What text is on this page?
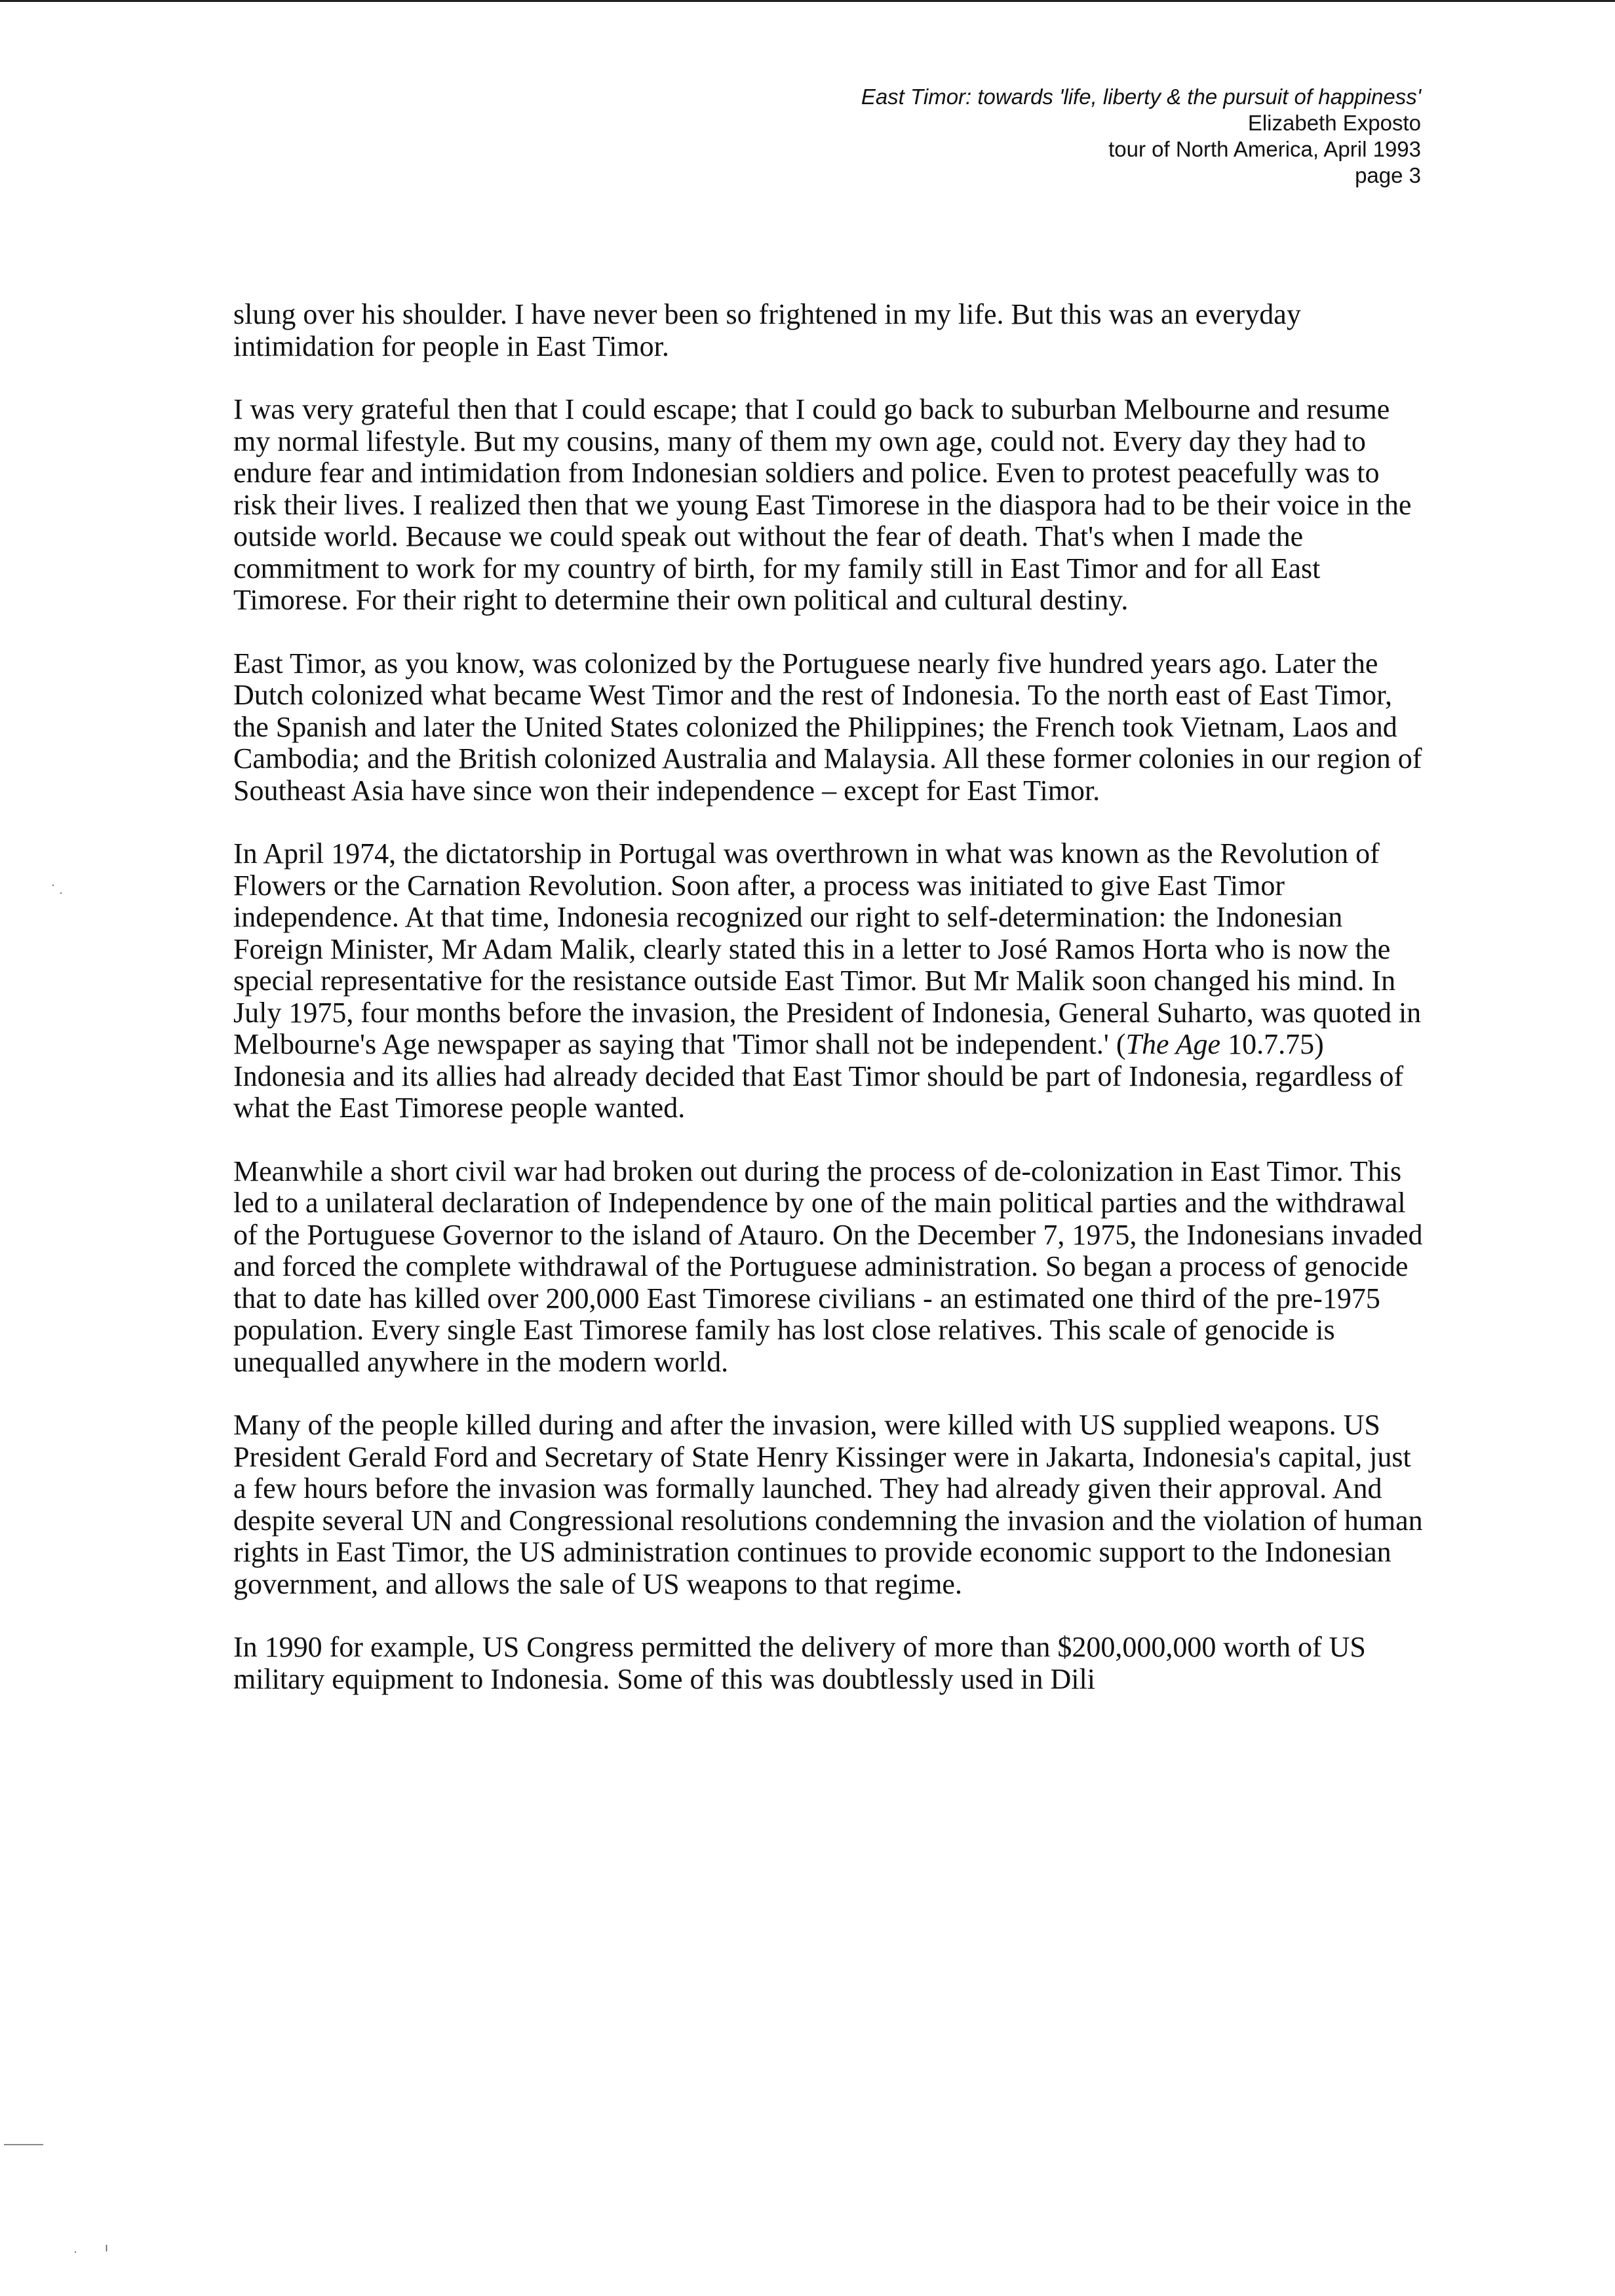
East Timor: towards 'life, liberty & the pursuit of happiness'
Elizabeth Exposto
tour of North America, April 1993
page 3

slung over his shoulder. I have never been so frightened in my life. But this was an everyday intimidation for people in East Timor.

I was very grateful then that I could escape; that I could go back to suburban Melbourne and resume my normal lifestyle. But my cousins, many of them my own age, could not. Every day they had to endure fear and intimidation from Indonesian soldiers and police. Even to protest peacefully was to risk their lives. I realized then that we young East Timorese in the diaspora had to be their voice in the outside world. Because we could speak out without the fear of death. That's when I made the commitment to work for my country of birth, for my family still in East Timor and for all East Timorese. For their right to determine their own political and cultural destiny.

East Timor, as you know, was colonized by the Portuguese nearly five hundred years ago. Later the Dutch colonized what became West Timor and the rest of Indonesia. To the north east of East Timor, the Spanish and later the United States colonized the Philippines; the French took Vietnam, Laos and Cambodia; and the British colonized Australia and Malaysia. All these former colonies in our region of Southeast Asia have since won their independence – except for East Timor.

In April 1974, the dictatorship in Portugal was overthrown in what was known as the Revolution of Flowers or the Carnation Revolution. Soon after, a process was initiated to give East Timor independence. At that time, Indonesia recognized our right to self-determination: the Indonesian Foreign Minister, Mr Adam Malik, clearly stated this in a letter to José Ramos Horta who is now the special representative for the resistance outside East Timor. But Mr Malik soon changed his mind. In July 1975, four months before the invasion, the President of Indonesia, General Suharto, was quoted in Melbourne's Age newspaper as saying that 'Timor shall not be independent.' (The Age 10.7.75) Indonesia and its allies had already decided that East Timor should be part of Indonesia, regardless of what the East Timorese people wanted.

Meanwhile a short civil war had broken out during the process of de-colonization in East Timor. This led to a unilateral declaration of Independence by one of the main political parties and the withdrawal of the Portuguese Governor to the island of Atauro. On the December 7, 1975, the Indonesians invaded and forced the complete withdrawal of the Portuguese administration. So began a process of genocide that to date has killed over 200,000 East Timorese civilians - an estimated one third of the pre-1975 population. Every single East Timorese family has lost close relatives. This scale of genocide is unequalled anywhere in the modern world.

Many of the people killed during and after the invasion, were killed with US supplied weapons. US President Gerald Ford and Secretary of State Henry Kissinger were in Jakarta, Indonesia's capital, just a few hours before the invasion was formally launched. They had already given their approval. And despite several UN and Congressional resolutions condemning the invasion and the violation of human rights in East Timor, the US administration continues to provide economic support to the Indonesian government, and allows the sale of US weapons to that regime.

In 1990 for example, US Congress permitted the delivery of more than $200,000,000 worth of US military equipment to Indonesia. Some of this was doubtlessly used in Dili

·
·
· ı
